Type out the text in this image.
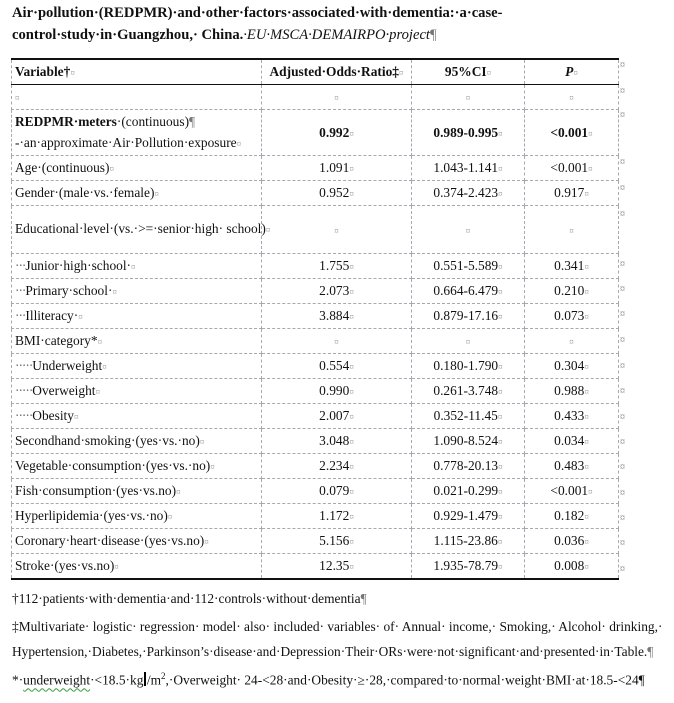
Air·pollution·(REDPMR)·and·other·factors·associated·with·dementia:·a·case-control·study·in·Guangzhou,· China.·EU·MSCA·DEMAIRPO·project¶
Variable†¤	Adjusted·Odds·Ratio‡¤	95%CI¤	P¤
¤	¤	¤	¤
REDPMR·meters·(continuous)¶
-·an·approximate·Air·Pollution·exposure¤	0.992¤	0.989-0.995¤	<0.001¤
Age·(continuous)¤	1.091¤	1.043-1.141¤	<0.001¤
Gender·(male·vs.·female)¤	0.952¤	0.374-2.423¤	0.917¤
Educational·level·(vs.·>=·senior·high· school)¤	¤	¤	¤
···Junior·high·school·¤	1.755¤	0.551-5.589¤	0.341¤
···Primary·school·¤	2.073¤	0.664-6.479¤	0.210¤
···Illiteracy·¤	3.884¤	0.879-17.16¤	0.073¤
BMI·category*¤	¤	¤	¤
·····Underweight¤	0.554¤	0.180-1.790¤	0.304¤
·····Overweight¤	0.990¤	0.261-3.748¤	0.988¤
·····Obesity¤	2.007¤	0.352-11.45¤	0.433¤
Secondhand·smoking·(yes·vs.·no)¤	3.048¤	1.090-8.524¤	0.034¤
Vegetable·consumption·(yes·vs.·no)¤	2.234¤	0.778-20.13¤	0.483¤
Fish·consumption·(yes·vs.no)¤	0.079¤	0.021-0.299¤	<0.001¤
Hyperlipidemia·(yes·vs.·no)¤	1.172¤	0.929-1.479¤	0.182¤
Coronary·heart·disease·(yes·vs.no)¤	5.156¤	1.115-23.86¤	0.036¤
Stroke·(yes·vs.no)¤	12.35¤	1.935-78.79¤	0.008¤
¤
¤
¤
¤
¤
¤
¤
¤
¤
¤
¤
¤
¤
¤
¤
¤
¤
¤
¤
†112·patients·with·dementia·and·112·controls·without·dementia¶
‡Multivariate· logistic· regression· model· also· included· variables· of· Annual· income,· Smoking,· Alcohol· drinking,·
Hypertension,·Diabetes,·Parkinson’s·disease·and·Depression·Their·ORs·were·not·significant·and·presented·in·Table.¶
*·underweight·<18.5·kg $/m^2,\cdot Overweight\cdot$ 24-<28·and·Obesity·≥·28,·compared·to·normal·weight·BMI·at·18.5-<24¶
